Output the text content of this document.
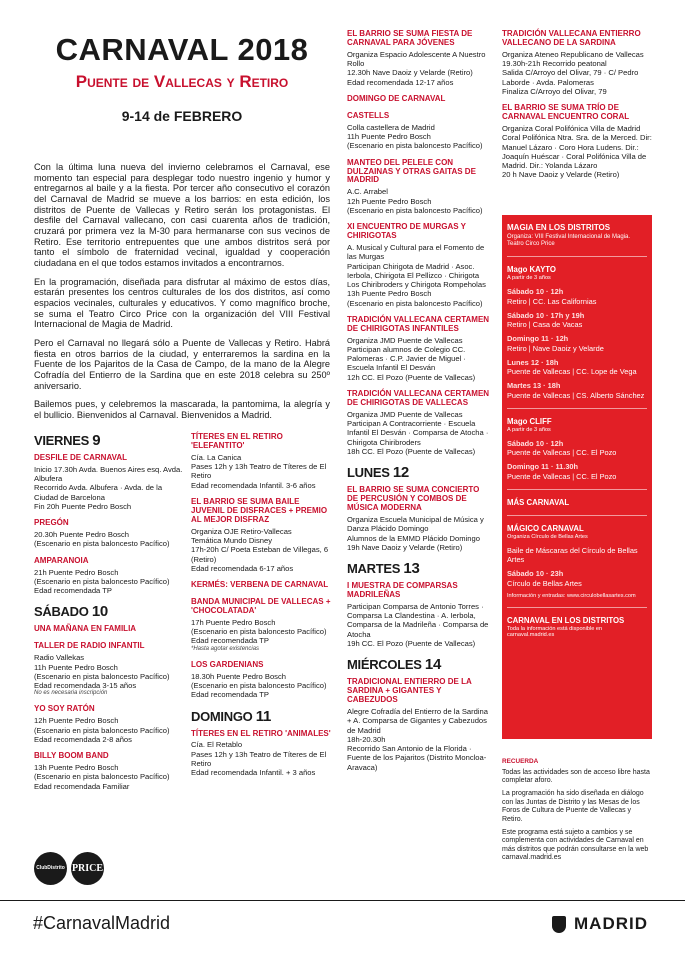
CARNAVAL 2018
Puente de Vallecas y Retiro
9-14 de FEBRERO

Con la última luna nueva del invierno celebramos el Carnaval, ese momento tan especial para desplegar todo nuestro ingenio y humor y entregarnos al baile y a la fiesta. Por tercer año consecutivo el corazón del Carnaval de Madrid se mueve a los barrios: en esta edición, los distritos de Puente de Vallecas y Retiro serán los protagonistas. El desfile del Carnaval vallecano, con casi cuarenta años de tradición, cruzará por primera vez la M-30 para hermanarse con sus vecinos de Retiro. Ese territorio entrepuentes que une ambos distritos será por tanto el símbolo de fraternidad vecinal, igualdad y cooperación ciudadana en el que todos estamos invitados a encontrarnos.

En la programación, diseñada para disfrutar al máximo de estos días, estarán presentes los centros culturales de los dos distritos, así como espacios vecinales, culturales y educativos. Y como magnífico broche, se suma el Teatro Circo Price con la organización del VIII Festival Internacional de Magia de Madrid.

Pero el Carnaval no llegará sólo a Puente de Vallecas y Retiro. Habrá fiesta en otros barrios de la ciudad, y enterraremos la sardina en la Fuente de los Pajaritos de la Casa de Campo, de la mano de la Alegre Cofradía del Entierro de la Sardina que en este 2018 celebra su 250º aniversario.

Bailemos pues, y celebremos la mascarada, la pantomima, la alegría y el bullicio. Bienvenidos al Carnaval. Bienvenidos a Madrid.

VIERNES 9
DESFILE DE CARNAVAL
Inicio 17.30h Avda. Buenos Aires esq. Avda. Albufera
Recorrido Avda. Albufera · Avda. de la Ciudad de Barcelona
Fin 20h Puente Pedro Bosch
PREGÓN
20.30h Puente Pedro Bosch
(Escenario en pista baloncesto Pacífico)
AMPARANOIA
21h Puente Pedro Bosch
(Escenario en pista baloncesto Pacífico)
Edad recomendada TP
SÁBADO 10
UNA MAÑANA EN FAMILIA
TALLER DE RADIO INFANTIL
Radio Vallekas
11h Puente Pedro Bosch
(Escenario en pista baloncesto Pacífico)
Edad recomendada 3-15 años
No es necesaria inscripción
YO SOY RATÓN
12h Puente Pedro Bosch
(Escenario en pista baloncesto Pacífico)
Edad recomendada 2-8 años
BILLY BOOM BAND
13h Puente Pedro Bosch
(Escenario en pista baloncesto Pacífico)
Edad recomendada Familiar
TÍTERES EN EL RETIRO 'ELEFANTITO'
Cía. La Canica
Pases 12h y 13h Teatro de Títeres de El Retiro
Edad recomendada Infantil. 3-6 años
EL BARRIO SE SUMA BAILE JUVENIL DE DISFRACES + PREMIO AL MEJOR DISFRAZ
Organiza OJE Retiro-Vallecas
Temática Mundo Disney
17h-20h C/ Poeta Esteban de Villegas, 6 (Retiro)
Edad recomendada 6-17 años
KERMÉS: VERBENA DE CARNAVAL
BANDA MUNICIPAL DE VALLECAS + 'CHOCOLATADA'
17h Puente Pedro Bosch
(Escenario en pista baloncesto Pacífico)
Edad recomendada TP
*Hasta agotar existencias
LOS GARDENIANS
18.30h Puente Pedro Bosch
(Escenario en pista baloncesto Pacífico)
Edad recomendada TP
DOMINGO 11
TÍTERES EN EL RETIRO 'ANIMALES'
Cía. El Retablo
Pases 12h y 13h Teatro de Títeres de El Retiro
Edad recomendada Infantil. + 3 años
EL BARRIO SE SUMA FIESTA DE CARNAVAL PARA JÓVENES
Organiza Espacio Adolescente A Nuestro Rollo
12.30h Nave Daoiz y Velarde (Retiro)
Edad recomendada 12-17 años
DOMINGO DE CARNAVAL
CASTELLS
Colla castellera de Madrid
11h Puente Pedro Bosch
(Escenario en pista baloncesto Pacífico)
MANTEO DEL PELELE CON DULZAINAS Y OTRAS GAITAS DE MADRID
A.C. Arrabel
12h Puente Pedro Bosch
(Escenario en pista baloncesto Pacífico)
XI ENCUENTRO DE MURGAS Y CHIRIGOTAS
A. Musical y Cultural para el Fomento de las Murgas
Participan Chirigota de Madrid · Asoc. Ierbola, Chirigota El Pellizco · Chirigota Los Chiribroders y Chirigota Rompeholas
13h Puente Pedro Bosch
(Escenario en pista baloncesto Pacífico)
TRADICIÓN VALLECANA CERTAMEN DE CHIRIGOTAS INFANTILES
Organiza JMD Puente de Vallecas
Participan alumnos de Colegio CC. Palomeras · C.P. Javier de Miguel · Escuela Infantil El Desván
12h CC. El Pozo (Puente de Vallecas)
TRADICIÓN VALLECANA CERTAMEN DE CHIRIGOTAS DE VALLECAS
Organiza JMD Puente de Vallecas
Participan A Contracorriente · Escuela Infantil El Desván · Comparsa de Atocha · Chirigota Chiribroders
18h CC. El Pozo (Puente de Vallecas)
LUNES 12
EL BARRIO SE SUMA CONCIERTO DE PERCUSIÓN Y COMBOS DE MÚSICA MODERNA
Organiza Escuela Municipal de Música y Danza Plácido Domingo
Alumnos de la EMMD Plácido Domingo
19h Nave Daoiz y Velarde (Retiro)
MARTES 13
I MUESTRA DE COMPARSAS MADRILEÑAS
Participan Comparsa de Antonio Torres · Comparsa La Clandestina · A. Ierbola, Comparsa de la Madrileña · Comparsa de Atocha
19h CC. El Pozo (Puente de Vallecas)
MIÉRCOLES 14
TRADICIONAL ENTIERRO DE LA SARDINA + GIGANTES Y CABEZUDOS
Alegre Cofradía del Entierro de la Sardina + A. Comparsa de Gigantes y Cabezudos de Madrid
18h-20.30h
Recorrido San Antonio de la Florida · Fuente de los Pajaritos (Distrito Moncloa-Aravaca)
TRADICIÓN VALLECANA ENTIERRO VALLECANO DE LA SARDINA
Organiza Ateneo Republicano de Vallecas
19.30h-21h Recorrido peatonal
Salida C/Arroyo del Olivar, 79 · C/ Pedro Laborde · Avda. Palomeras
Finaliza C/Arroyo del Olivar, 79
EL BARRIO SE SUMA TRÍO DE CARNAVAL ENCUENTRO CORAL
Organiza Coral Polifónica Villa de Madrid
Coral Polifónica Ntra. Sra. de la Merced. Dir: Manuel Lázaro · Coro Hora Ludens. Dir.: Joaquín Huéscar · Coral Polifónica Villa de Madrid. Dir.: Yolanda Lázaro
20 h Nave Daoiz y Velarde (Retiro)
MAGIA EN LOS DISTRITOS
Organiza: VIII Festival Internacional de Magia. Teatro Circo Price
Mago KAYTO
A partir de 3 años
Sábado 10 · 12h
Retiro | CC. Las Californias
Sábado 10 · 17h y 19h
Retiro | Casa de Vacas
Domingo 11 · 12h
Retiro | Nave Daoiz y Velarde
Lunes 12 · 18h
Puente de Vallecas | CC. Lope de Vega
Martes 13 · 18h
Puente de Vallecas | CS. Alberto Sánchez
Mago CLIFF
A partir de 3 años
Sábado 10 · 12h
Puente de Vallecas | CC. El Pozo
Domingo 11 · 11.30h
Puente de Vallecas | CC. El Pozo
MÁS CARNAVAL
MÁGICO CARNAVAL
Organiza Círculo de Bellas Artes
Baile de Máscaras del Círculo de Bellas Artes
Sábado 10 · 23h
Círculo de Bellas Artes
Información y entradas: www.circulobellasartes.com
CARNAVAL EN LOS DISTRITOS
Toda la información está disponible en carnaval.madrid.es
RECUERDA

Todas las actividades son de acceso libre hasta completar aforo.

La programación ha sido diseñada en diálogo con las Juntas de Distrito y las Mesas de los Foros de Cultura de Puente de Vallecas y Retiro.

Este programa está sujeto a cambios y se complementa con actividades de Carnaval en más distritos que podrán consultarse en la web carnaval.madrid.es

ClubDistrito PRICE
#CarnavalMadrid	MADRID
